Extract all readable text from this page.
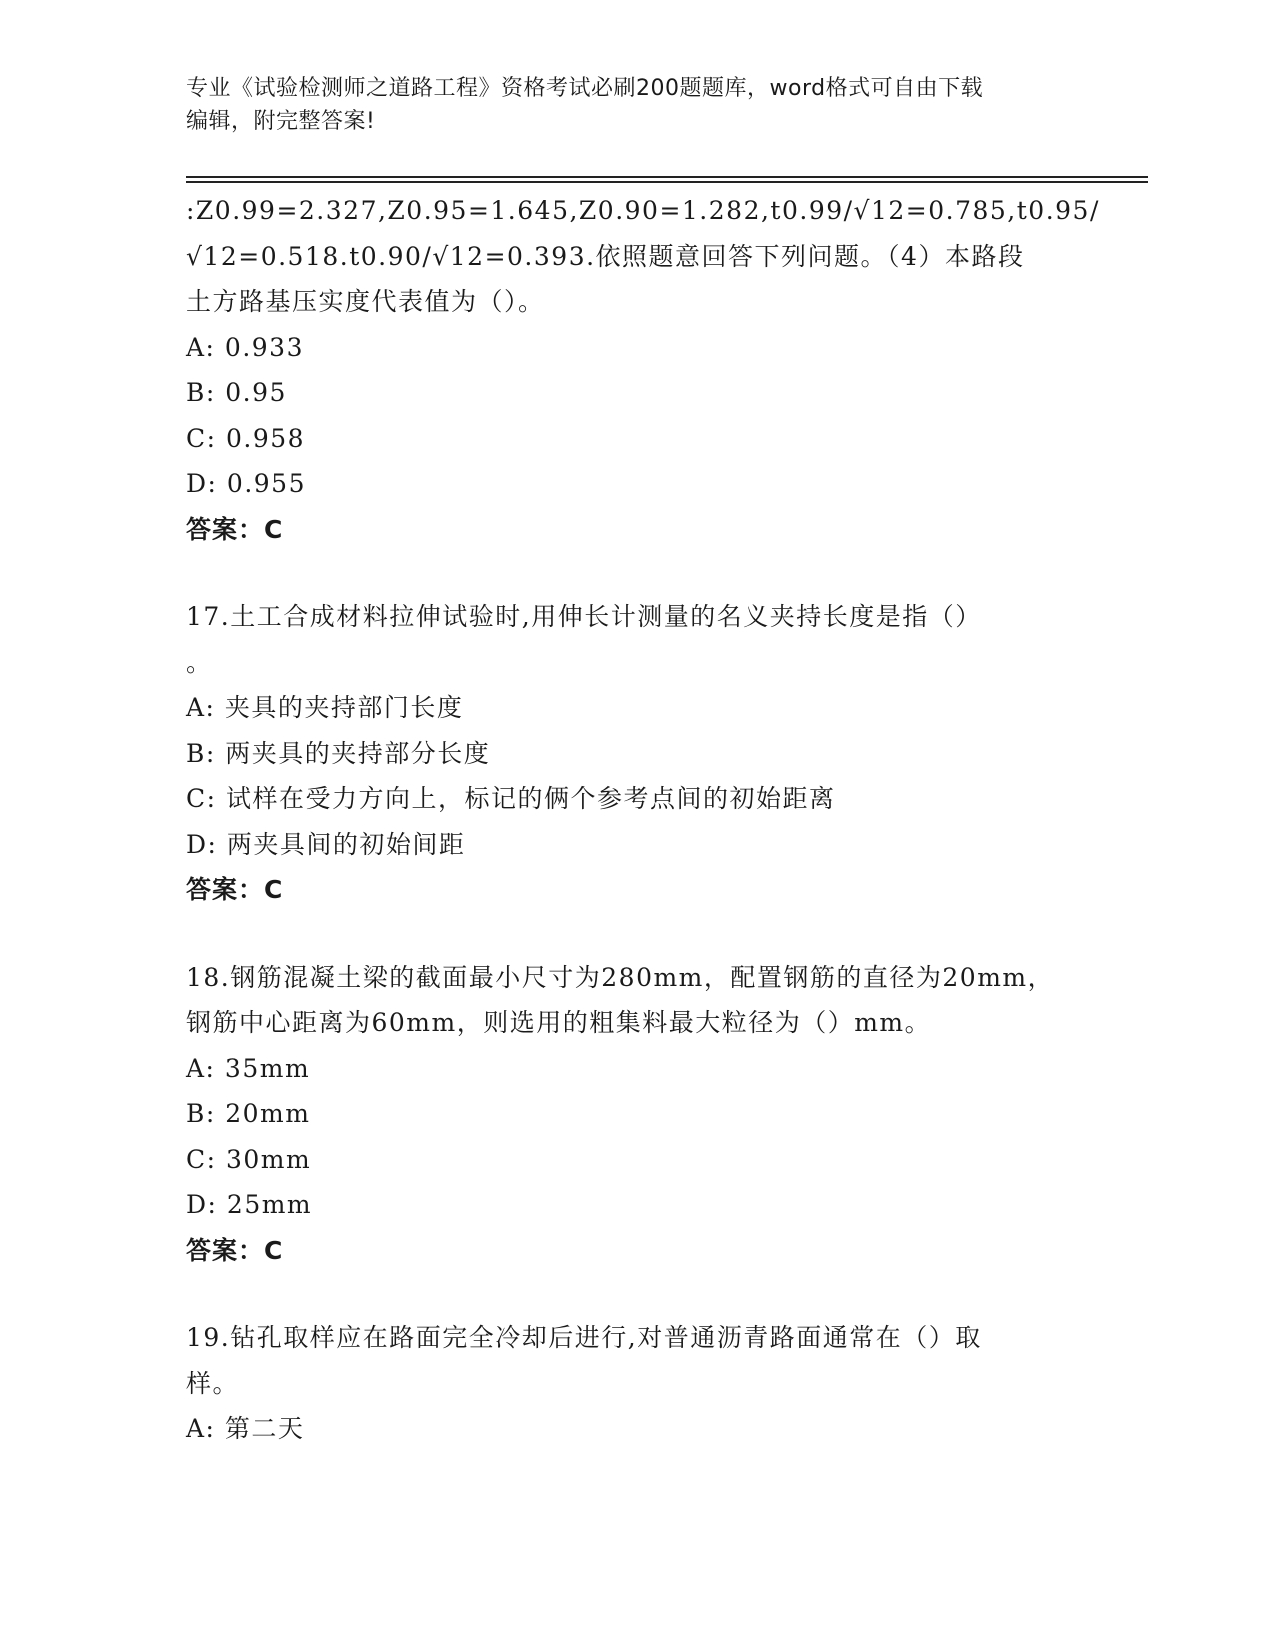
专业《试验检测师之道路工程》资格考试必刷200题题库，word格式可自由下载
编辑，附完整答案!
:Z0.99=2.327,Z0.95=1.645,Z0.90=1.282,t0.99/√12=0.785,t0.95/
√12=0.518.t0.90/√12=0.393.依照题意回答下列问题。（4）本路段
土方路基压实度代表值为（）。
A: 0.933
B: 0.95
C: 0.958
D: 0.955
答案：C
17.土工合成材料拉伸试验时,用伸长计测量的名义夹持长度是指（）
。
A: 夹具的夹持部门长度
B: 两夹具的夹持部分长度
C: 试样在受力方向上，标记的俩个参考点间的初始距离
D: 两夹具间的初始间距
答案：C
18.钢筋混凝土梁的截面最小尺寸为280mm，配置钢筋的直径为20mm，
钢筋中心距离为60mm，则选用的粗集料最大粒径为（）mm。
A: 35mm
B: 20mm
C: 30mm
D: 25mm
答案：C
19.钻孔取样应在路面完全冷却后进行,对普通沥青路面通常在（）取
样。
A: 第二天
